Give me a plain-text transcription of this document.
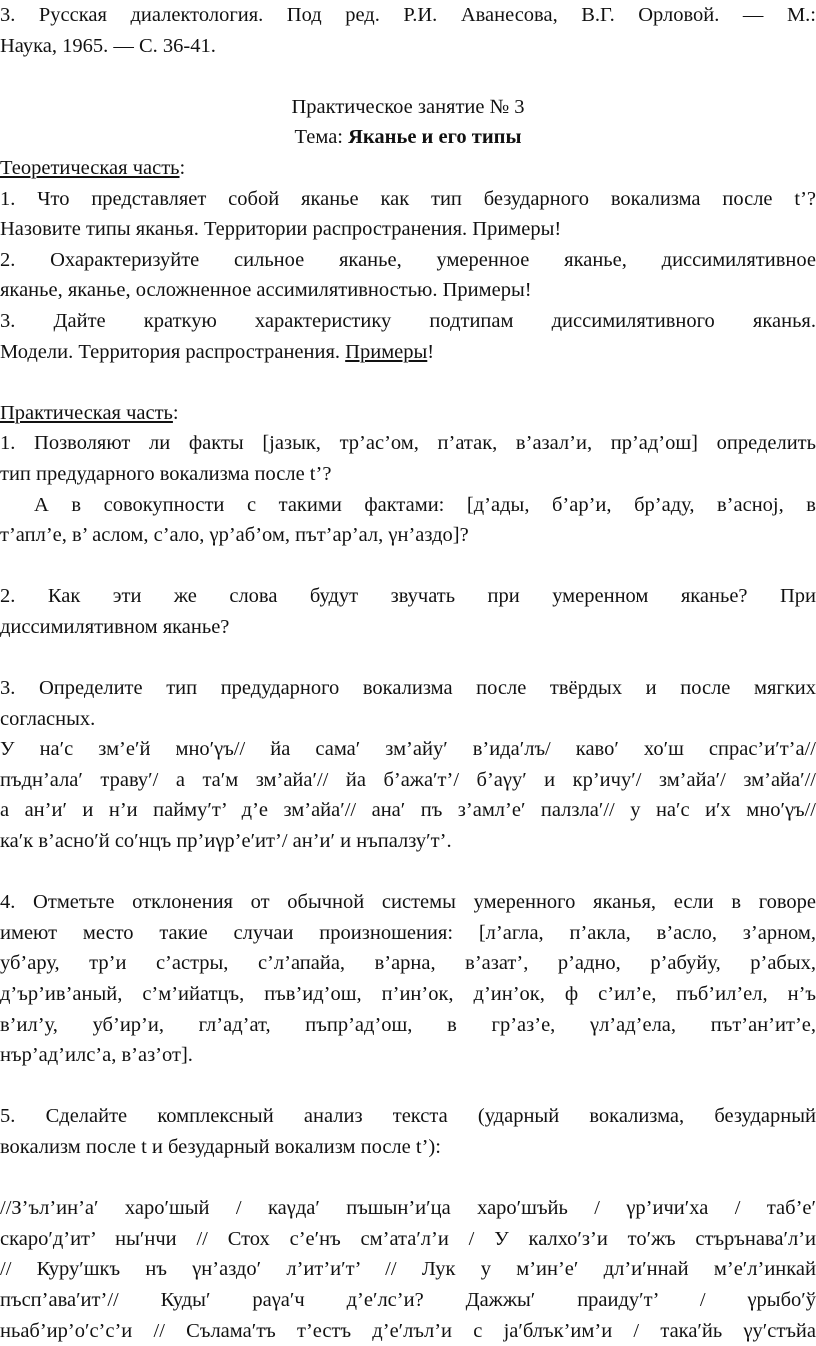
3. Русская диалектология. Под ред. Р.И. Аванесова, В.Г. Орловой. — М.:
Наука, 1965. — С. 36-41.

Практическое занятие № 3

Тема: Яканье и его типы

Теоретическая часть:
1. Что представляет собой яканье как тип безударного вокализма после t’?
Назовите типы яканья. Территории распространения. Примеры!
2. Охарактеризуйте сильное яканье, умеренное яканье, диссимилятивное
яканье, яканье, осложненное ассимилятивностью. Примеры!
3. Дайте краткую характеристику подтипам диссимилятивного яканья.
Модели. Территория распространения. Примеры!

Практическая часть:
1. Позволяют ли факты [jазык, тр’ас’ом, п’атак, в’азал’и, пр’ад’ош] определить
тип предударного вокализма после t’?
А в совокупности с такими фактами: [д’ады, б’ар’и, бр’аду, в’аснoj, в
т’апл’е, в’ аслом, с’ало, γр’аб’ом, път’ар’ал, γн’аздо]?

2. Как эти же слова будут звучать при умеренном яканье? При
диссимилятивном яканье?

3. Определите тип предударного вокализма после твёрдых и после мягких
согласных.
У на′с зм’е′й мно′γъ// йа сама′ зм’айу′ в’ида′лъ/ каво′ хо′ш спрас’и′т’а//
пъдн’ала′ траву′/ а та′м зм’айа′// йа б’ажа′т’/ б’аγу′ и кр’ичу′/ зм’айа′/ зм’айа′//
а ан’и′ и н’и пайму′т’ д’е зм’айа′// ана′ пъ з’амл’е′ палзла′// у на′с и′х мно′γъ//
ка′к в’асно′й со′нцъ пр’иγр’е′ит’/ ан’и′ и нъпалзу′т’.

4. Отметьте отклонения от обычной системы умеренного яканья, если в говоре
имеют место такие случаи произношения: [л’агла, п’акла, в’асло, з’арном,
уб’ару, тр’и с’астры, с’л’апайа, в’арна, в’азат’, р’адно, р’абуйу, р’абых,
д’ър’ив’аный, с’м’ийатцъ, пъв’ид’ош, п’ин’ок, д’ин’ок, ф с’ил’е, пъб’ил’ел, н’ъ
в’ил’у, уб’ир’и, гл’ад’ат, пъпр’ад’ош, в гр’аз’е, γл’ад’ела, път’ан’ит’е,
нър’ад’илс’а, в’аз’от].

5. Сделайте комплексный анализ текста (ударный вокализма, безударный
вокализм после t и безударный вокализм после t’):

//З’ъл’ин’а′ харо′шый / каγда′ пъшын’и′ца харо′шъйь / γр’ичи′ха / таб’е′
скаро′д’ит’ ны′нчи // Стох с’е′нъ см’ата′л’и / У калхо′з’и то′жъ стърънава′л’и
// Куру′шкъ нъ γн’аздо′ л’ит’и′т’ // Лук у м’ин’е′ дл’и′ннай м’е′л’инкай
пъсп’ава′ит’// Куды′ раγа′ч д’е′лс’и? Дажжы′ праиду′т’ / γрыбо′ў
ньаб’ир’о′с’с’и // Сълама′тъ т’естъ д’е′лъл’и с jа′блък’им’и / така′йь γу′стъйа
